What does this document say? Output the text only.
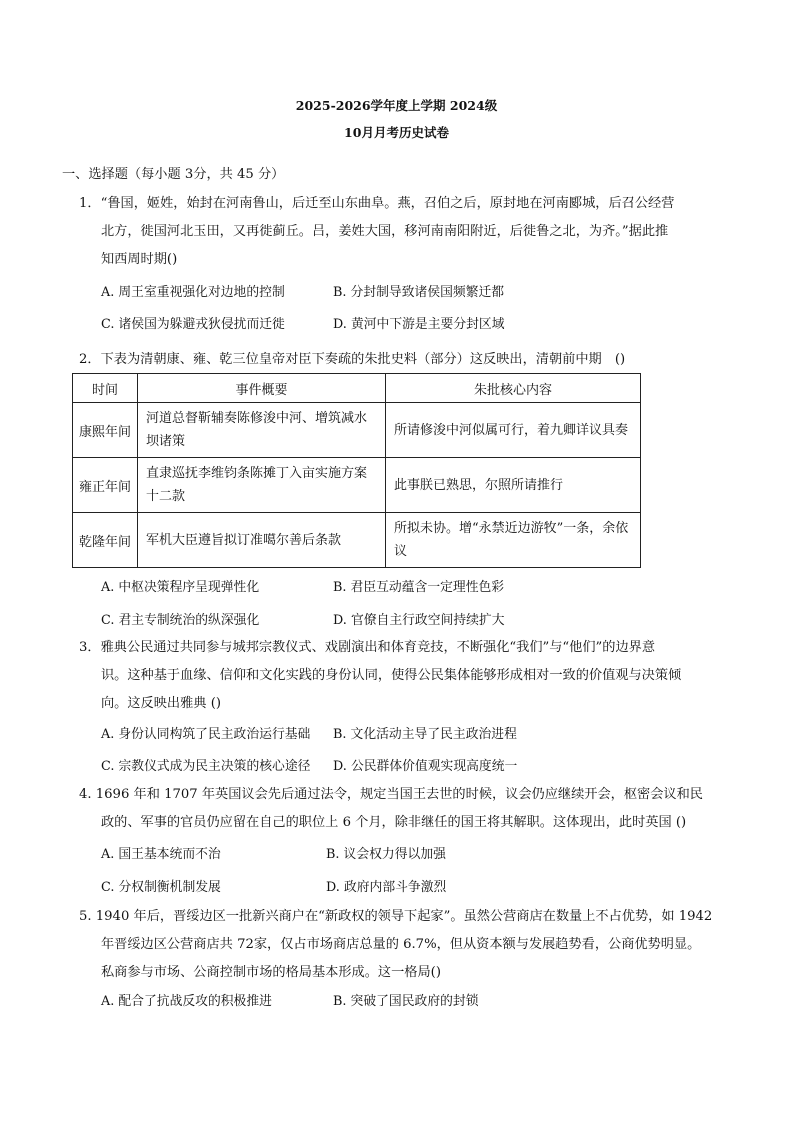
2025-2026学年度上学期 2024级
10月月考历史试卷
一、选择题（每小题 3分，共 45 分）
1．“鲁国，姬姓，始封在河南鲁山，后迁至山东曲阜。燕，召伯之后，原封地在河南郾城，后召公经营
北方，徙国河北玉田，又再徙蓟丘。吕，姜姓大国，移河南南阳附近，后徙鲁之北，为齐。”据此推
知西周时期()
A. 周王室重视强化对边地的控制	B. 分封制导致诸侯国频繁迁都
C. 诸侯国为躲避戎狄侵扰而迁徙	D. 黄河中下游是主要分封区域
2．下表为清朝康、雍、乾三位皇帝对臣下奏疏的朱批史料（部分）这反映出，清朝前中期　()
时间	事件概要	朱批核心内容
康熙年间	河道总督靳辅奏陈修浚中河、增筑减水坝诸策	所请修浚中河似属可行，着九卿详议具奏

雍正年间	直隶巡抚李维钧条陈摊丁入亩实施方案十二款	此事朕已熟思，尔照所请推行

乾隆年间	军机大臣遵旨拟订准噶尔善后条款	所拟未协。增“永禁近边游牧”一条，余依议
A. 中枢决策程序呈现弹性化	B. 君臣互动蕴含一定理性色彩
C. 君主专制统治的纵深强化	D. 官僚自主行政空间持续扩大
3．雅典公民通过共同参与城邦宗教仪式、戏剧演出和体育竞技，不断强化“我们”与“他们”的边界意
识。这种基于血缘、信仰和文化实践的身份认同，使得公民集体能够形成相对一致的价值观与决策倾
向。这反映出雅典 ()
A. 身份认同构筑了民主政治运行基础 B. 文化活动主导了民主政治进程
C. 宗教仪式成为民主决策的核心途径 D. 公民群体价值观实现高度统一
4. 1696 年和 1707 年英国议会先后通过法令，规定当国王去世的时候，议会仍应继续开会，枢密会议和民
政的、军事的官员仍应留在自己的职位上 6 个月，除非继任的国王将其解职。这体现出，此时英国 ()
A. 国王基本统而不治	B. 议会权力得以加强
C. 分权制衡机制发展	D. 政府内部斗争激烈
5. 1940 年后，晋绥边区一批新兴商户在“新政权的领导下起家”。虽然公营商店在数量上不占优势，如 1942
年晋绥边区公营商店共 72家，仅占市场商店总量的 6.7%，但从资本额与发展趋势看，公商优势明显。
私商参与市场、公商控制市场的格局基本形成。这一格局()
A. 配合了抗战反攻的积极推进	B. 突破了国民政府的封锁
